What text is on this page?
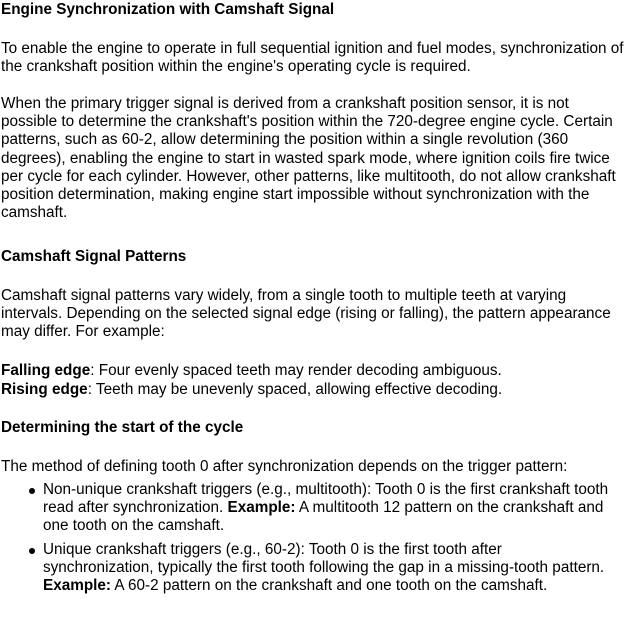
Engine Synchronization with Camshaft Signal

To enable the engine to operate in full sequential ignition and fuel modes, synchronization of the crankshaft position within the engine's operating cycle is required.

When the primary trigger signal is derived from a crankshaft position sensor, it is not possible to determine the crankshaft's position within the 720-degree engine cycle. Certain patterns, such as 60-2, allow determining the position within a single revolution (360 degrees), enabling the engine to start in wasted spark mode, where ignition coils fire twice per cycle for each cylinder. However, other patterns, like multitooth, do not allow crankshaft position determination, making engine start impossible without synchronization with the camshaft.

Camshaft Signal Patterns

Camshaft signal patterns vary widely, from a single tooth to multiple teeth at varying intervals. Depending on the selected signal edge (rising or falling), the pattern appearance may differ. For example:

Falling edge: Four evenly spaced teeth may render decoding ambiguous.

Rising edge: Teeth may be unevenly spaced, allowing effective decoding.

Determining the start of the cycle

The method of defining tooth 0 after synchronization depends on the trigger pattern:

Non-unique crankshaft triggers (e.g., multitooth): Tooth 0 is the first crankshaft tooth read after synchronization. Example: A multitooth 12 pattern on the crankshaft and one tooth on the camshaft.
Unique crankshaft triggers (e.g., 60-2): Tooth 0 is the first tooth after synchronization, typically the first tooth following the gap in a missing-tooth pattern. Example: A 60-2 pattern on the crankshaft and one tooth on the camshaft.
